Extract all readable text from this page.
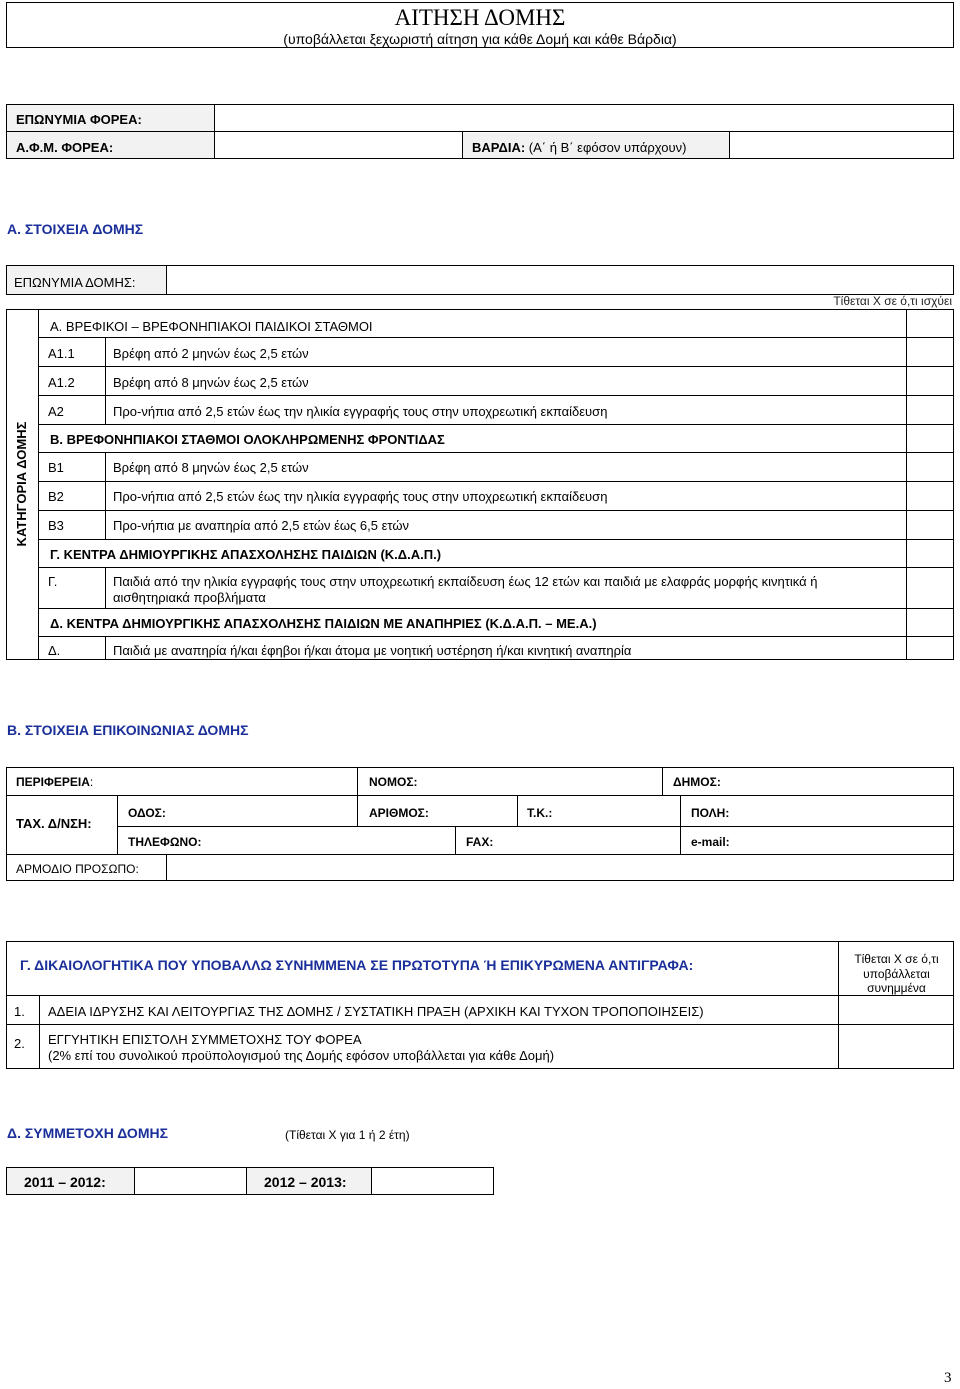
ΑΙΤΗΣΗ ΔΟΜΗΣ
(υποβάλλεται ξεχωριστή αίτηση για κάθε Δομή και κάθε Βάρδια)
ΕΠΩΝΥΜΙΑ ΦΟΡΕΑ:
Α.Φ.Μ. ΦΟΡΕΑ:	ΒΑΡΔΙΑ: (Α΄ ή Β΄ εφόσον υπάρχουν)
Α. ΣΤΟΙΧΕΙΑ ΔΟΜΗΣ
ΕΠΩΝΥΜΙΑ ΔΟΜΗΣ:
Τίθεται Χ σε ό,τι ισχύει
ΚΑΤΗΓΟΡΙΑ ΔΟΜΗΣ
Α. ΒΡΕΦΙΚΟΙ – ΒΡΕΦΟΝΗΠΙΑΚΟΙ ΠΑΙΔΙΚΟΙ ΣΤΑΘΜΟΙ
Α1.1	Βρέφη από 2 μηνών έως 2,5 ετών
Α1.2	Βρέφη από 8 μηνών έως 2,5 ετών
Α2	Προ-νήπια από 2,5 ετών έως την ηλικία εγγραφής τους στην υποχρεωτική εκπαίδευση
Β. ΒΡΕΦΟΝΗΠΙΑΚΟΙ ΣΤΑΘΜΟΙ ΟΛΟΚΛΗΡΩΜΕΝΗΣ ΦΡΟΝΤΙΔΑΣ
Β1	Βρέφη από 8 μηνών έως 2,5 ετών
Β2	Προ-νήπια από 2,5 ετών έως την ηλικία εγγραφής τους στην υποχρεωτική εκπαίδευση
Β3	Προ-νήπια με αναπηρία από 2,5 ετών έως 6,5 ετών
Γ. ΚΕΝΤΡΑ ΔΗΜΙΟΥΡΓΙΚΗΣ ΑΠΑΣΧΟΛΗΣΗΣ ΠΑΙΔΙΩΝ (Κ.Δ.Α.Π.)
Γ.	Παιδιά από την ηλικία εγγραφής τους στην υποχρεωτική εκπαίδευση έως 12 ετών και παιδιά με ελαφράς μορφής κινητικά ή
αισθητηριακά προβλήματα
Δ. ΚΕΝΤΡΑ ΔΗΜΙΟΥΡΓΙΚΗΣ ΑΠΑΣΧΟΛΗΣΗΣ ΠΑΙΔΙΩΝ ΜΕ ΑΝΑΠΗΡΙΕΣ (Κ.Δ.Α.Π. – ΜΕ.Α.)
Δ.	Παιδιά με αναπηρία ή/και έφηβοι ή/και άτομα με νοητική υστέρηση ή/και κινητική αναπηρία
Β. ΣΤΟΙΧΕΙΑ ΕΠΙΚΟΙΝΩΝΙΑΣ ΔΟΜΗΣ
ΠΕΡΙΦΕΡΕΙΑ:	ΝΟΜΟΣ:	ΔΗΜΟΣ:
ΤΑΧ. Δ/ΝΣΗ:
ΟΔΟΣ:	ΑΡΙΘΜΟΣ:	Τ.Κ.:	ΠΟΛΗ:
ΤΗΛΕΦΩΝΟ:	FAX:	e-mail:
ΑΡΜΟΔΙΟ ΠΡΟΣΩΠΟ:
Γ. ΔΙΚΑΙΟΛΟΓΗΤΙΚΑ ΠΟΥ ΥΠΟΒΑΛΛΩ ΣΥΝΗΜΜΕΝΑ ΣΕ ΠΡΩΤΟΤΥΠΑ Ή ΕΠΙΚΥΡΩΜΕΝΑ ΑΝΤΙΓΡΑΦΑ:	Τίθεται Χ σε ό,τι
υποβάλλεται
συνημμένα
1. ΑΔΕΙΑ ΙΔΡΥΣΗΣ ΚΑΙ ΛΕΙΤΟΥΡΓΙΑΣ ΤΗΣ ΔΟΜΗΣ / ΣΥΣΤΑΤΙΚΗ ΠΡΑΞΗ (ΑΡΧΙΚΗ ΚΑΙ ΤΥΧΟΝ ΤΡΟΠΟΠΟΙΗΣΕΙΣ)
2. ΕΓΓΥΗΤΙΚΗ ΕΠΙΣΤΟΛΗ ΣΥΜΜΕΤΟΧΗΣ ΤΟΥ ΦΟΡΕΑ
(2% επί του συνολικού προϋπολογισμού της Δομής εφόσον υποβάλλεται για κάθε Δομή)
Δ. ΣΥΜΜΕΤΟΧΗ ΔΟΜΗΣ	(Τίθεται Χ για 1 ή 2 έτη)
2011 – 2012:	2012 – 2013:
3
